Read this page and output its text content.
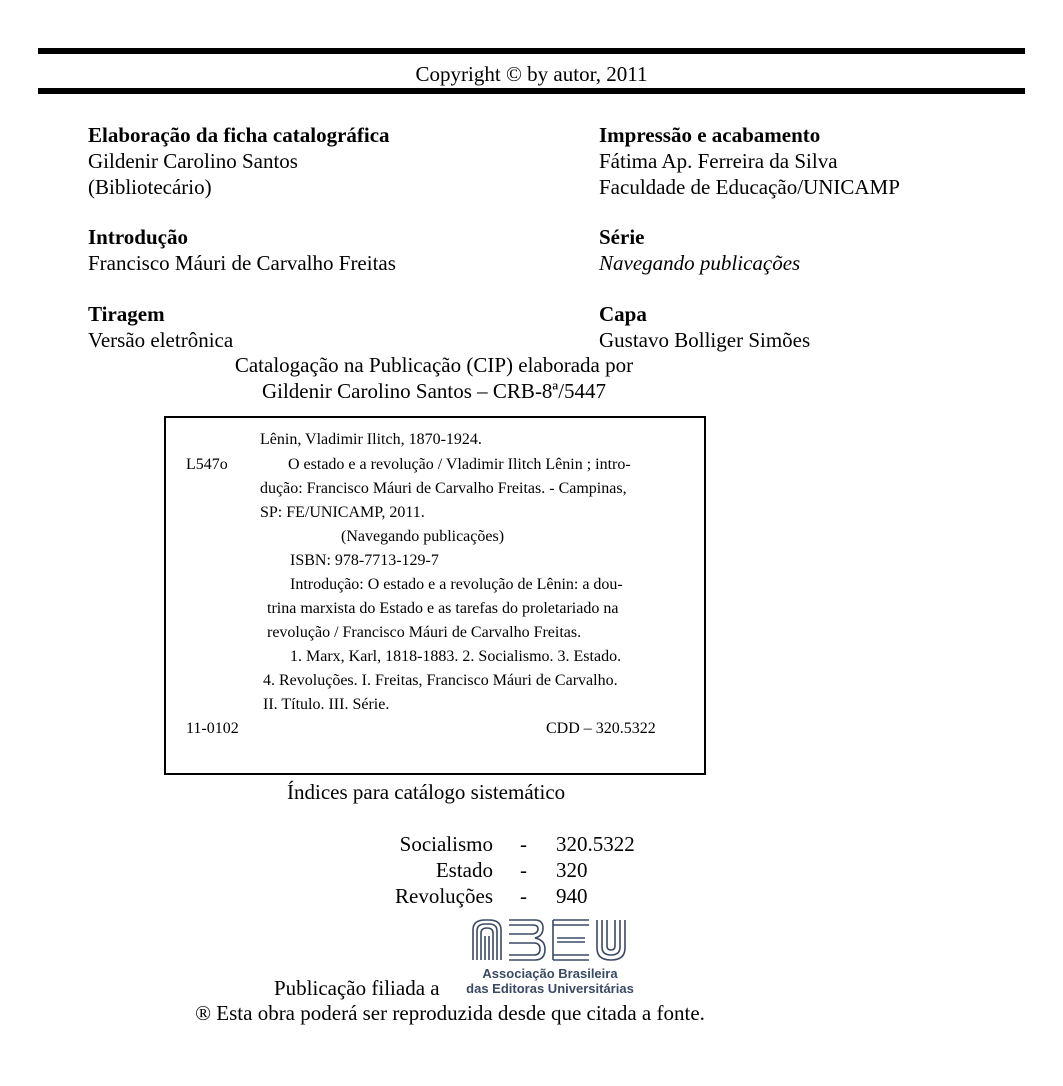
Copyright © by autor, 2011
Elaboração da ficha catalográfica
Gildenir Carolino Santos
(Bibliotecário)
Introdução
Francisco Máuri de Carvalho Freitas
Tiragem
Versão eletrônica
Impressão e acabamento
Fátima Ap. Ferreira da Silva
Faculdade de Educação/UNICAMP
Série
Navegando publicações
Capa
Gustavo Bolliger Simões
Catalogação na Publicação (CIP) elaborada por
Gildenir Carolino Santos – CRB-8ª/5447
Lênin, Vladimir Ilitch, 1870-1924.
L547o	O estado e a revolução / Vladimir Ilitch Lênin ; intro-
dução: Francisco Máuri de Carvalho Freitas. - Campinas,
SP: FE/UNICAMP, 2011.
(Navegando publicações)
ISBN: 978-7713-129-7
Introdução: O estado e a revolução de Lênin: a dou-
trina marxista do Estado e as tarefas do proletariado na
revolução / Francisco Máuri de Carvalho Freitas.
1. Marx, Karl, 1818-1883. 2. Socialismo. 3. Estado.
4. Revoluções. I. Freitas, Francisco Máuri de Carvalho.
II. Título. III. Série.
11-0102	CDD – 320.5322
Índices para catálogo sistemático
Socialismo - 320.5322
Estado - 320
Revoluções - 940
Associação Brasileira
das Editoras Universitárias
Publicação filiada a
® Esta obra poderá ser reproduzida desde que citada a fonte.
